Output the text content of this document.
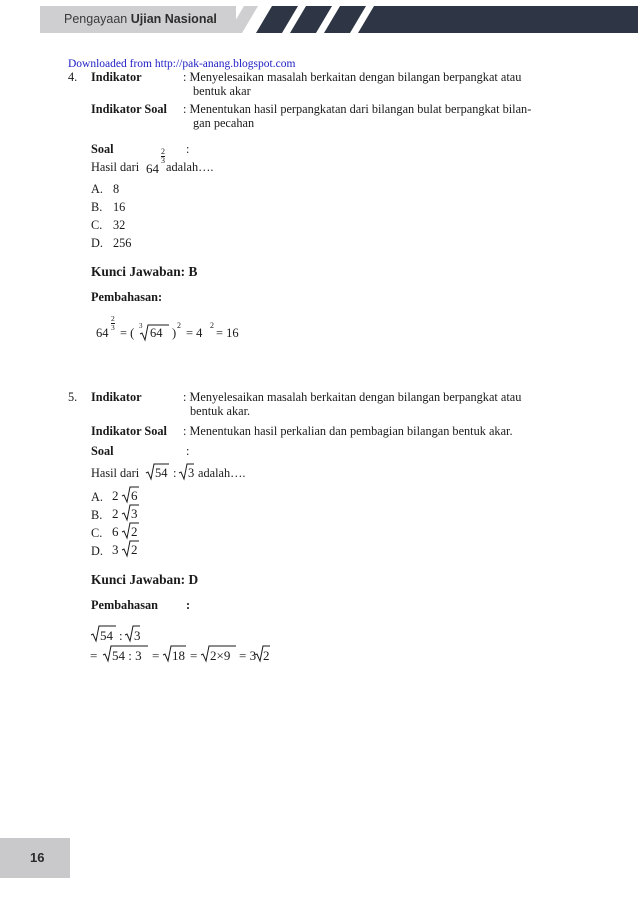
Pengayaan Ujian Nasional
Downloaded from http://pak-anang.blogspot.com
4. Indikator	: Menyelesaikan masalah berkaitan dengan bilangan berpangkat atau
bentuk akar
Indikator Soal : Menentukan hasil perpangkatan dari bilangan bulat berpangkat bilan-
gan pecahan
Soal	:
Hasil dari 64
2
3 adalah….
A. 8
B. 16
C. 32
D. 256
Kunci Jawaban: B
Pembahasan:
64
2
3 = ( 3 64 )
2
= 4
2
= 16
5. Indikator	: Menyelesaikan masalah berkaitan dengan bilangan berpangkat atau
bentuk akar.
Indikator Soal : Menentukan hasil perkalian dan pembagian bilangan bentuk akar.
Soal	:
Hasil dari 54 : 3 adalah….
A. 2 6
B. 2 3
C. 6 2
D. 3 2
Kunci Jawaban: D
Pembahasan :
54 : 3
= 54 : 3 = 18 = 2×9 = 3 2
16
